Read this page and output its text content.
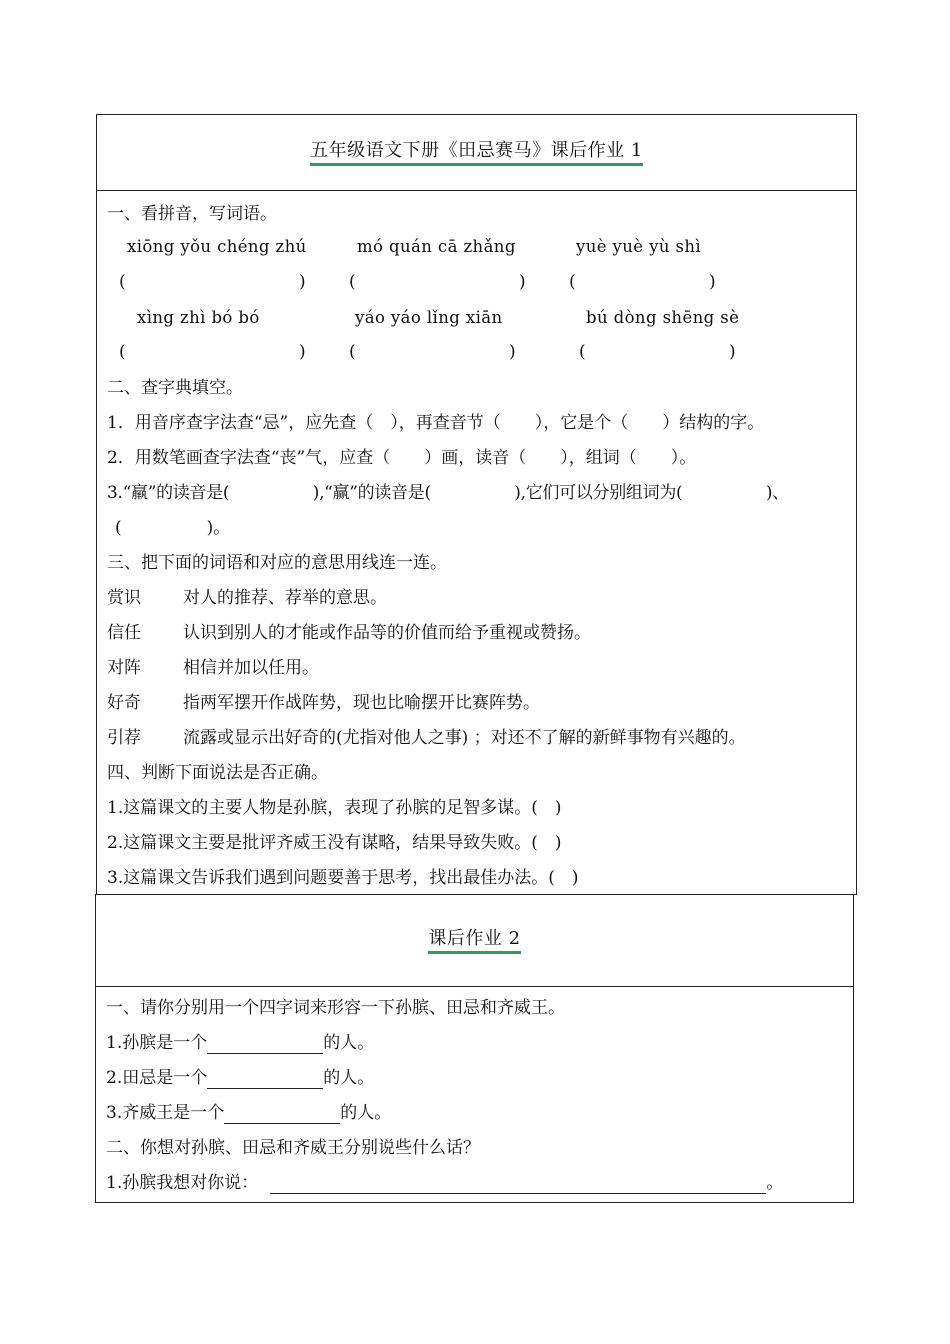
五年级语文下册《田忌赛马》课后作业 1
一、看拼音，写词语。
xiōng yǒu chéng zhú	mó quán cā zhǎng	yuè yuè yù shì
(	)	(	)	(	)
xìng zhì bó bó	yáo yáo lǐng xiān	bú dòng shēng sè
(	)	(	)	(	)
二、查字典填空。
1．用音序查字法查“忌”，应先查（　），再查音节（　　），它是个（　　）结构的字。
2．用数笔画查字法查“丧”气，应查（　　）画，读音（　　），组词（　　）。
3.“羸”的读音是(　　　　　),“赢”的读音是(　　　　　),它们可以分别组词为(　　　　　)、
(　　　　　)。
三、把下面的词语和对应的意思用线连一连。
赏识 对人的推荐、荐举的意思。
信任 认识到别人的才能或作品等的价值而给予重视或赞扬。
对阵 相信并加以任用。
好奇 指两军摆开作战阵势，现也比喻摆开比赛阵势。
引荐 流露或显示出好奇的(尤指对他人之事) ；对还不了解的新鲜事物有兴趣的。
四、判断下面说法是否正确。
1.这篇课文的主要人物是孙膑，表现了孙膑的足智多谋。(　)
2.这篇课文主要是批评齐威王没有谋略，结果导致失败。(　)
3.这篇课文告诉我们遇到问题要善于思考，找出最佳办法。(　)
课后作业 2
一、请你分别用一个四字词来形容一下孙膑、田忌和齐威王。
1.孙膑是一个	的人。
2.田忌是一个	的人。
3.齐威王是一个	的人。
二、你想对孙膑、田忌和齐威王分别说些什么话？
1.孙膑我想对你说：	。
